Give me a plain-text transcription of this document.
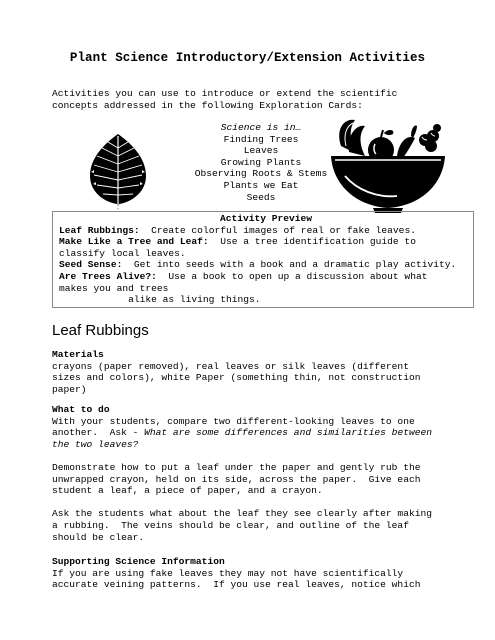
Plant Science Introductory/Extension Activities
Activities you can use to introduce or extend the scientific
concepts addressed in the following Exploration Cards:
Science is in…
Finding Trees
Leaves
Growing Plants
Observing Roots & Stems
Plants we Eat
Seeds
Activity Preview

Leaf Rubbings:  Create colorful images of real or fake leaves.

Make Like a Tree and Leaf:  Use a tree identification guide to

classify local leaves.

Seed Sense:  Get into seeds with a book and a dramatic play activity.

Are Trees Alive?:  Use a book to open up a discussion about what

makes you and trees

alike as living things.

Leaf Rubbings
Materials
crayons (paper removed), real leaves or silk leaves (different
sizes and colors), white Paper (something thin, not construction
paper)
What to do
With your students, compare two different-looking leaves to one
another.  Ask - What are some differences and similarities between
the two leaves?

Demonstrate how to put a leaf under the paper and gently rub the
unwrapped crayon, held on its side, across the paper.  Give each
student a leaf, a piece of paper, and a crayon.

Ask the students what about the leaf they see clearly after making
a rubbing.  The veins should be clear, and outline of the leaf
should be clear.
Supporting Science Information
If you are using fake leaves they may not have scientifically
accurate veining patterns.  If you use real leaves, notice which
